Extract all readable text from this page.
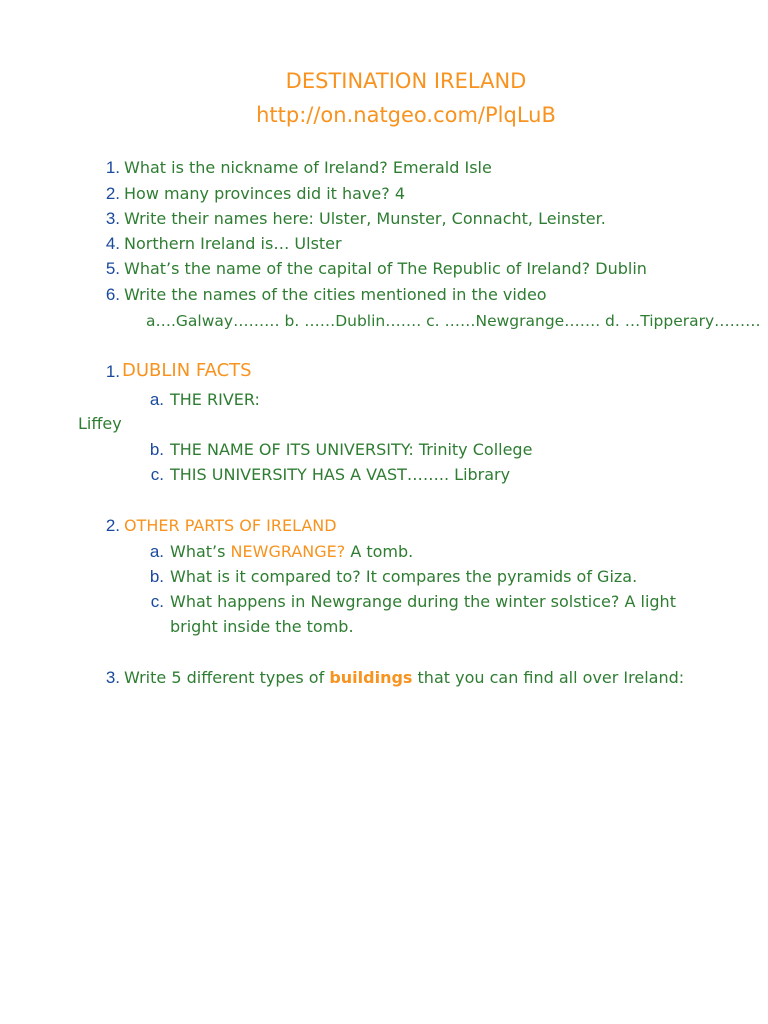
DESTINATION IRELAND
http://on.natgeo.com/PlqLuB
1. What is the nickname of Ireland? Emerald Isle
2. How many provinces did it have? 4
3. Write their names here: Ulster, Munster, Connacht, Leinster.
4. Northern Ireland is… Ulster
5. What’s the name of the capital of The Republic of Ireland? Dublin
6. Write the names of the cities mentioned in the video
a….Galway……… b. ……Dublin……. c. ……Newgrange……. d. …Tipperary………
1. DUBLIN FACTS
a. THE RIVER:
Liffey
b. THE NAME OF ITS UNIVERSITY: Trinity College
c. THIS UNIVERSITY HAS A VAST…….. Library
2. OTHER PARTS OF IRELAND
a. What’s NEWGRANGE? A tomb.
b. What is it compared to? It compares the pyramids of Giza.
c. What happens in Newgrange during the winter solstice? A light
bright inside the tomb.
3. Write 5 different types of buildings that you can find all over Ireland:
